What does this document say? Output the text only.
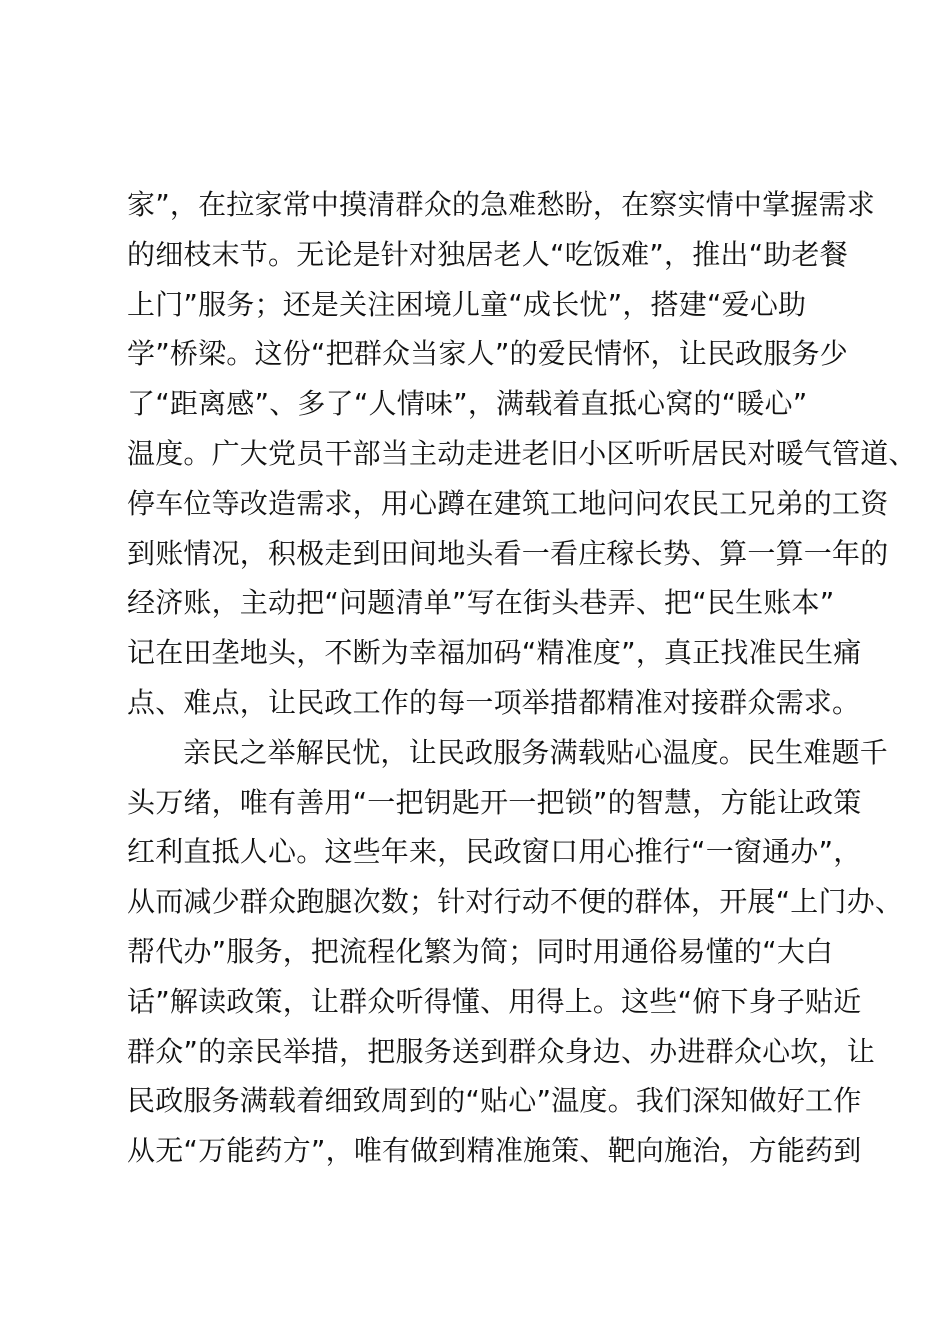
家”，在拉家常中摸清群众的急难愁盼，在察实情中掌握需求
的细枝末节。无论是针对独居老人“吃饭难”，推出“助老餐
上门”服务；还是关注困境儿童“成长忧”，搭建“爱心助
学”桥梁。这份“把群众当家人”的爱民情怀，让民政服务少
了“距离感”、多了“人情味”，满载着直抵心窝的“暖心”
温度。广大党员干部当主动走进老旧小区听听居民对暖气管道、
停车位等改造需求，用心蹲在建筑工地问问农民工兄弟的工资
到账情况，积极走到田间地头看一看庄稼长势、算一算一年的
经济账，主动把“问题清单”写在街头巷弄、把“民生账本”
记在田垄地头，不断为幸福加码“精准度”，真正找准民生痛
点、难点，让民政工作的每一项举措都精准对接群众需求。
亲民之举解民忧，让民政服务满载贴心温度。民生难题千
头万绪，唯有善用“一把钥匙开一把锁”的智慧，方能让政策
红利直抵人心。这些年来，民政窗口用心推行“一窗通办”，
从而减少群众跑腿次数；针对行动不便的群体，开展“上门办、
帮代办”服务，把流程化繁为简；同时用通俗易懂的“大白
话”解读政策，让群众听得懂、用得上。这些“俯下身子贴近
群众”的亲民举措，把服务送到群众身边、办进群众心坎，让
民政服务满载着细致周到的“贴心”温度。我们深知做好工作
从无“万能药方”，唯有做到精准施策、靶向施治，方能药到
